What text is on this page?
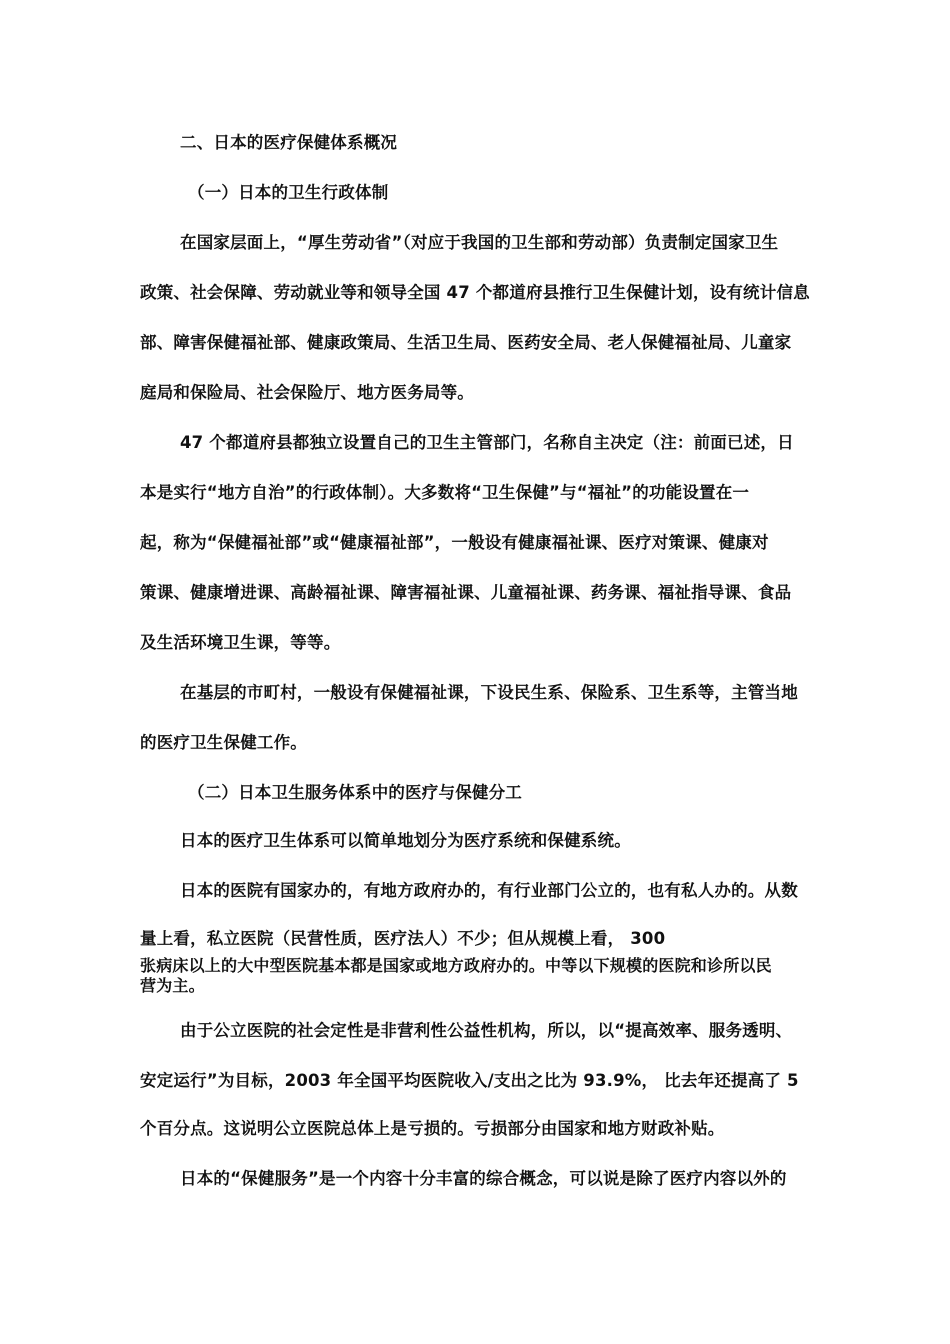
二、日本的医疗保健体系概况
（一）日本的卫生行政体制
在国家层面上，“厚生劳动省”（对应于我国的卫生部和劳动部）负责制定国家卫生
政策、社会保障、劳动就业等和领导全国 47 个都道府县推行卫生保健计划，设有统计信息
部、障害保健福祉部、健康政策局、生活卫生局、医药安全局、老人保健福祉局、儿童家
庭局和保险局、社会保险厅、地方医务局等。
47 个都道府县都独立设置自己的卫生主管部门，名称自主决定（注：前面已述，日
本是实行“地方自治”的行政体制）。大多数将“卫生保健”与“福祉”的功能设置在一
起，称为“保健福祉部”或“健康福祉部”，一般设有健康福祉课、医疗对策课、健康对
策课、健康增进课、高龄福祉课、障害福祉课、儿童福祉课、药务课、福祉指导课、食品
及生活环境卫生课，等等。
在基层的市町村，一般设有保健福祉课，下设民生系、保险系、卫生系等，主管当地
的医疗卫生保健工作。
（二）日本卫生服务体系中的医疗与保健分工
日本的医疗卫生体系可以简单地划分为医疗系统和保健系统。
日本的医院有国家办的，有地方政府办的，有行业部门公立的，也有私人办的。从数
量上看，私立医院（民营性质，医疗法人）不少；但从规模上看， 300
张病床以上的大中型医院基本都是国家或地方政府办的。中等以下规模的医院和诊所以民
营为主。
由于公立医院的社会定性是非营利性公益性机构，所以，以“提高效率、服务透明、
安定运行”为目标，2003 年全国平均医院收入/支出之比为 93.9%， 比去年还提高了 5
个百分点。这说明公立医院总体上是亏损的。亏损部分由国家和地方财政补贴。
日本的“保健服务”是一个内容十分丰富的综合概念，可以说是除了医疗内容以外的
